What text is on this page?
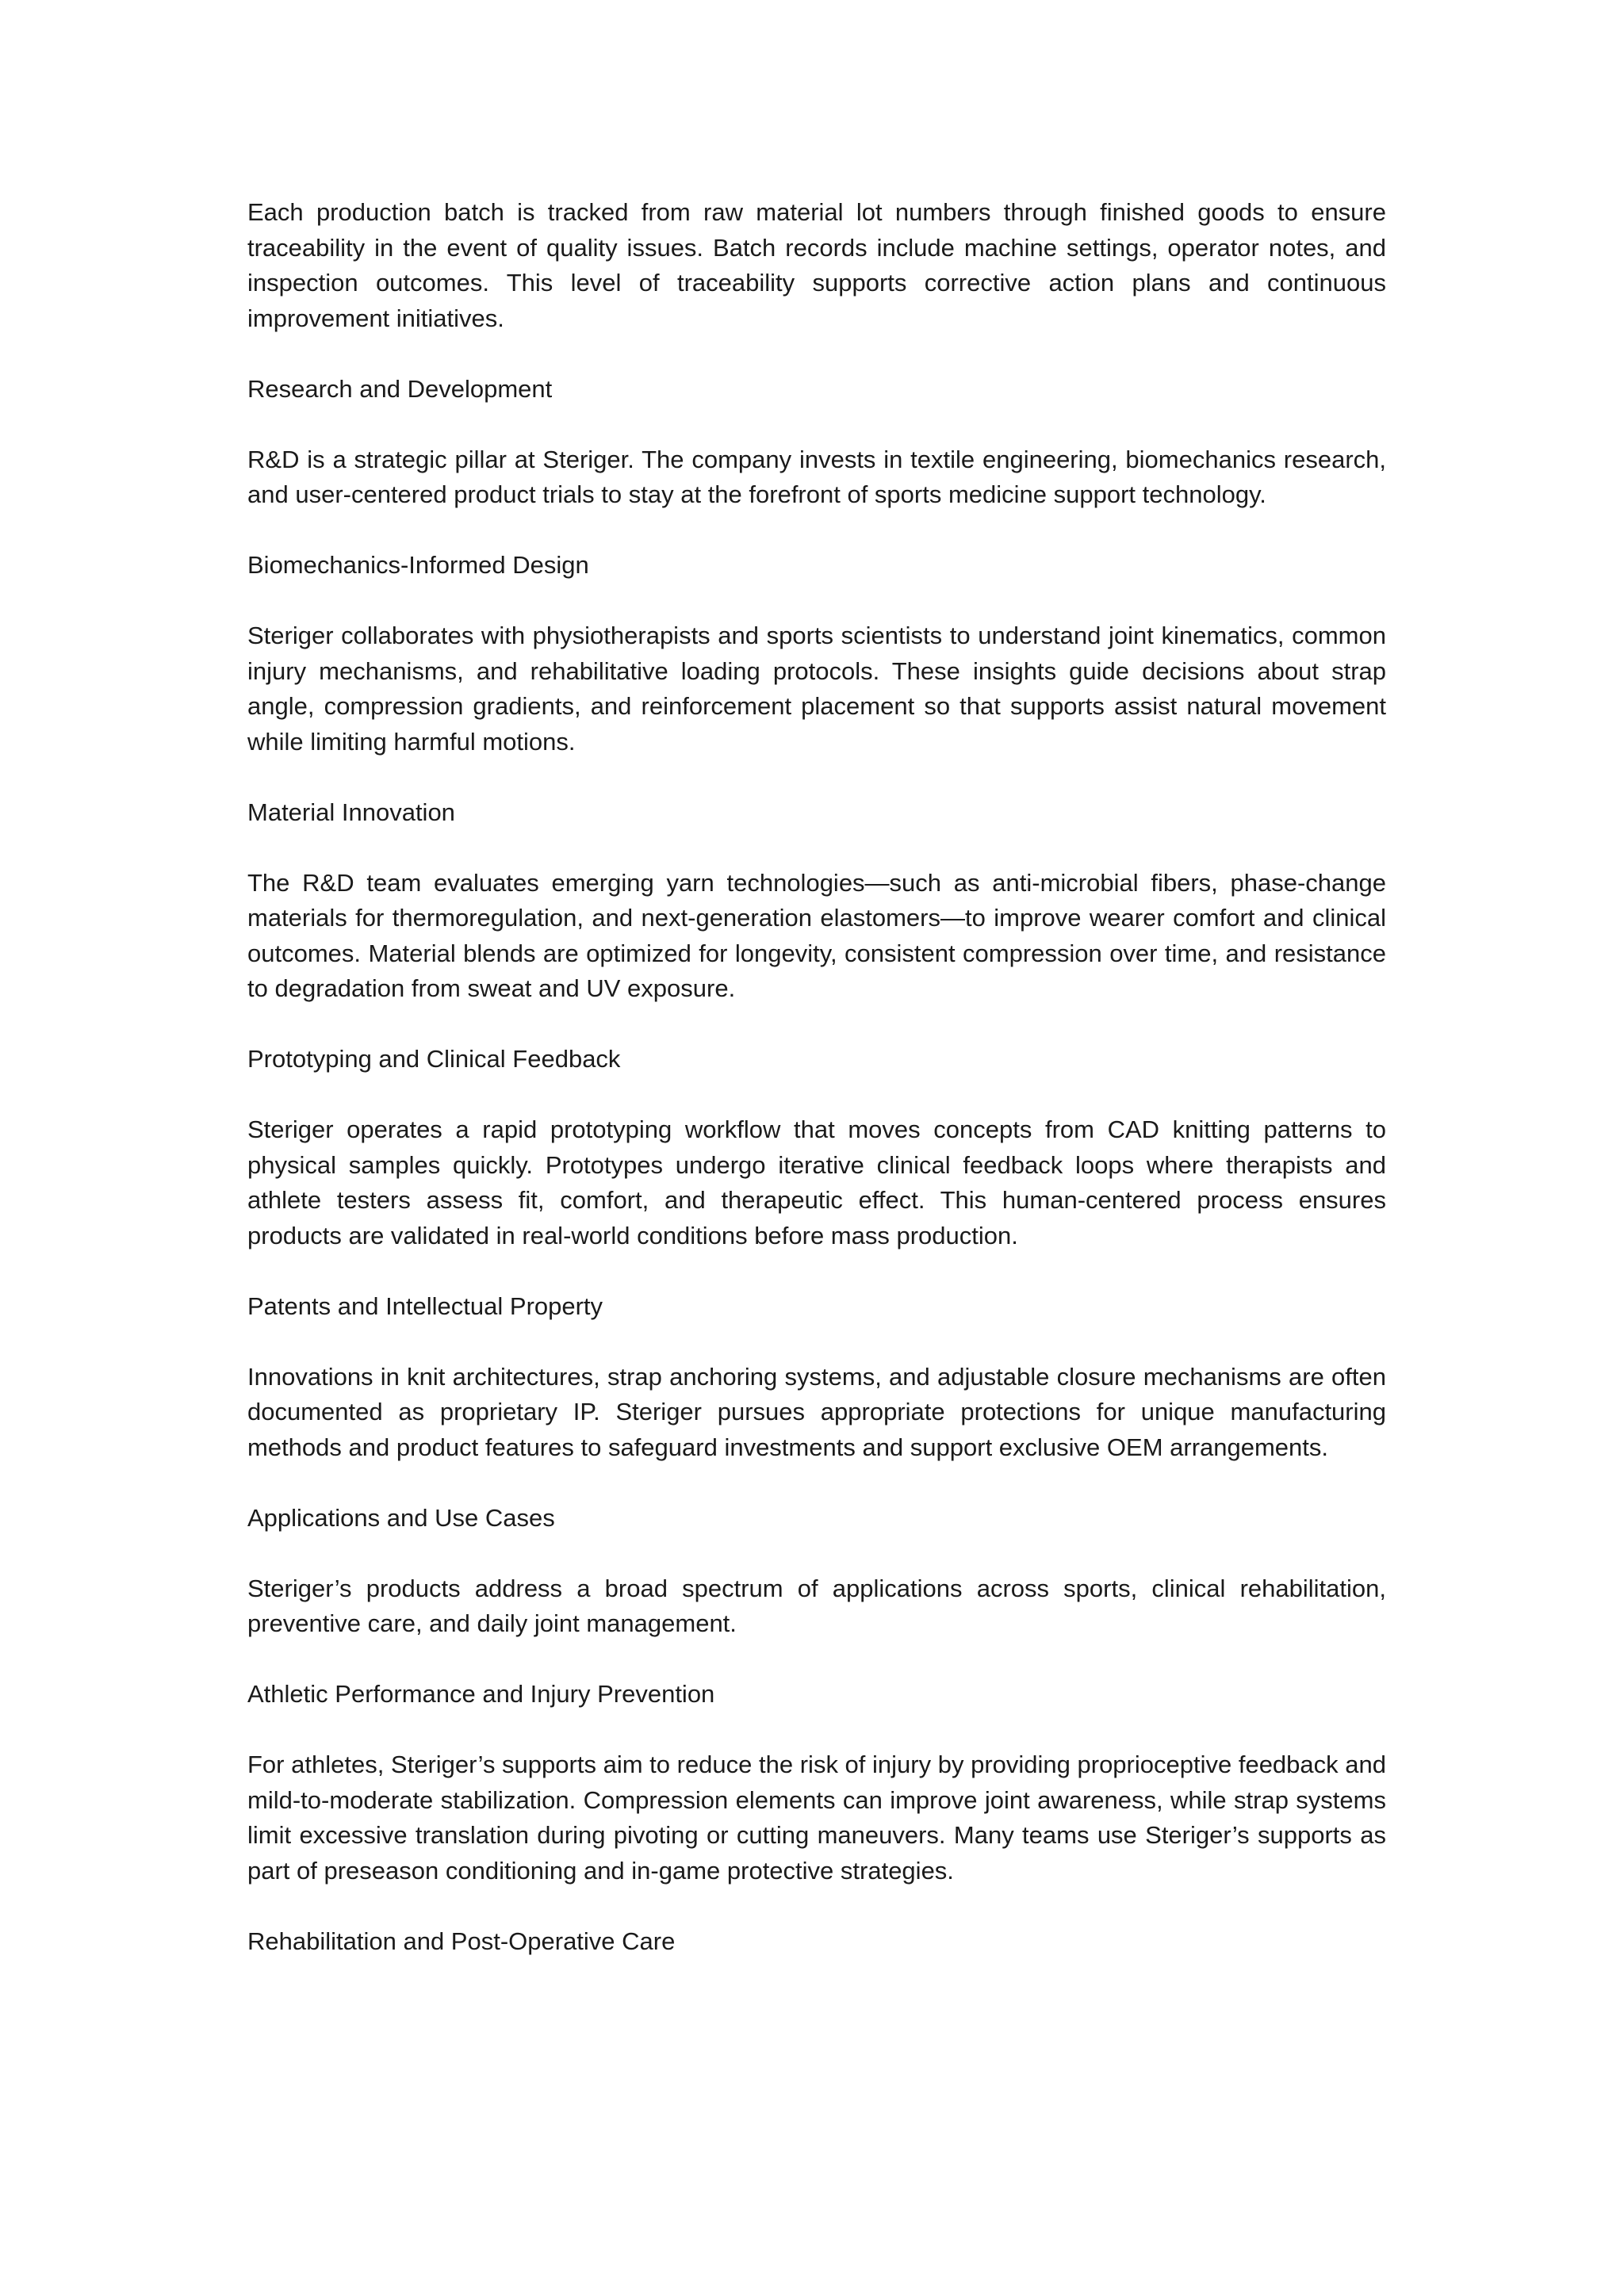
Each production batch is tracked from raw material lot numbers through finished goods to ensure traceability in the event of quality issues. Batch records include machine settings, operator notes, and inspection outcomes. This level of traceability supports corrective action plans and continuous improvement initiatives.

Research and Development

R&D is a strategic pillar at Steriger. The company invests in textile engineering, biomechanics research, and user-centered product trials to stay at the forefront of sports medicine support technology.

Biomechanics-Informed Design

Steriger collaborates with physiotherapists and sports scientists to understand joint kinematics, common injury mechanisms, and rehabilitative loading protocols. These insights guide decisions about strap angle, compression gradients, and reinforcement placement so that supports assist natural movement while limiting harmful motions.

Material Innovation

The R&D team evaluates emerging yarn technologies—such as anti-microbial fibers, phase-change materials for thermoregulation, and next-generation elastomers—to improve wearer comfort and clinical outcomes. Material blends are optimized for longevity, consistent compression over time, and resistance to degradation from sweat and UV exposure.

Prototyping and Clinical Feedback

Steriger operates a rapid prototyping workflow that moves concepts from CAD knitting patterns to physical samples quickly. Prototypes undergo iterative clinical feedback loops where therapists and athlete testers assess fit, comfort, and therapeutic effect. This human-centered process ensures products are validated in real-world conditions before mass production.

Patents and Intellectual Property

Innovations in knit architectures, strap anchoring systems, and adjustable closure mechanisms are often documented as proprietary IP. Steriger pursues appropriate protections for unique manufacturing methods and product features to safeguard investments and support exclusive OEM arrangements.

Applications and Use Cases

Steriger’s products address a broad spectrum of applications across sports, clinical rehabilitation, preventive care, and daily joint management.

Athletic Performance and Injury Prevention

For athletes, Steriger’s supports aim to reduce the risk of injury by providing proprioceptive feedback and mild-to-moderate stabilization. Compression elements can improve joint awareness, while strap systems limit excessive translation during pivoting or cutting maneuvers. Many teams use Steriger’s supports as part of preseason conditioning and in-game protective strategies.

Rehabilitation and Post-Operative Care
